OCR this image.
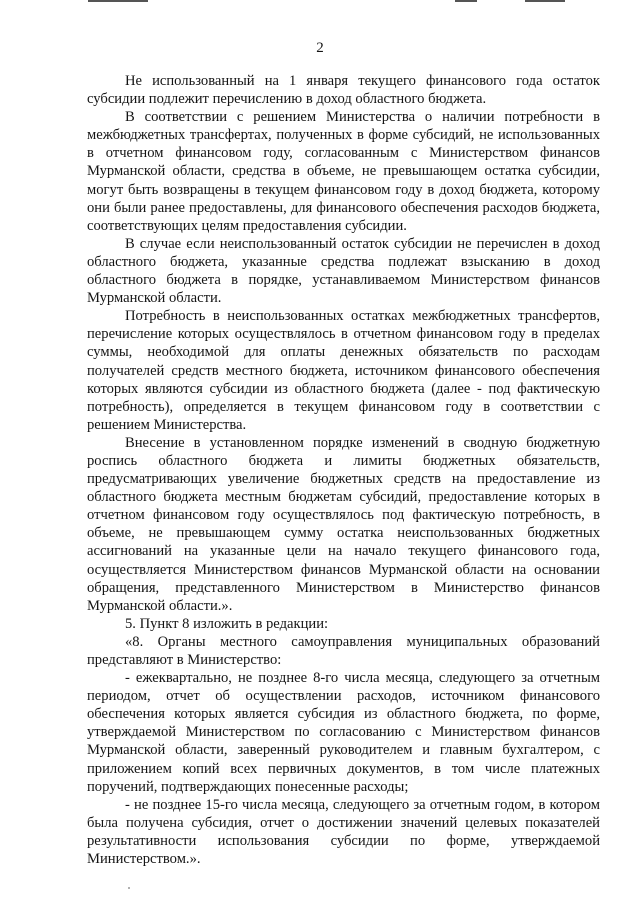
2

Не использованный на 1 января текущего финансового года остаток субсидии подлежит перечислению в доход областного бюджета.

В соответствии с решением Министерства о наличии потребности в межбюджетных трансфертах, полученных в форме субсидий, не использованных в отчетном финансовом году, согласованным с Министерством финансов Мурманской области, средства в объеме, не превышающем остатка субсидии, могут быть возвращены в текущем финансовом году в доход бюджета, которому они были ранее предоставлены, для финансового обеспечения расходов бюджета, соответствующих целям предоставления субсидии.

В случае если неиспользованный остаток субсидии не перечислен в доход областного бюджета, указанные средства подлежат взысканию в доход областного бюджета в порядке, устанавливаемом Министерством финансов Мурманской области.

Потребность в неиспользованных остатках межбюджетных трансфертов, перечисление которых осуществлялось в отчетном финансовом году в пределах суммы, необходимой для оплаты денежных обязательств по расходам получателей средств местного бюджета, источником финансового обеспечения которых являются субсидии из областного бюджета (далее - под фактическую потребность), определяется в текущем финансовом году в соответствии с решением Министерства.

Внесение в установленном порядке изменений в сводную бюджетную роспись областного бюджета и лимиты бюджетных обязательств, предусматривающих увеличение бюджетных средств на предоставление из областного бюджета местным бюджетам субсидий, предоставление которых в отчетном финансовом году осуществлялось под фактическую потребность, в объеме, не превышающем сумму остатка неиспользованных бюджетных ассигнований на указанные цели на начало текущего финансового года, осуществляется Министерством финансов Мурманской области на основании обращения, представленного Министерством в Министерство финансов Мурманской области.».

5. Пункт 8 изложить в редакции:

«8. Органы местного самоуправления муниципальных образований представляют в Министерство:

- ежеквартально, не позднее 8-го числа месяца, следующего за отчетным периодом, отчет об осуществлении расходов, источником финансового обеспечения которых является субсидия из областного бюджета, по форме, утверждаемой Министерством по согласованию с Министерством финансов Мурманской области, заверенный руководителем и главным бухгалтером, с приложением копий всех первичных документов, в том числе платежных поручений, подтверждающих понесенные расходы;

- не позднее 15-го числа месяца, следующего за отчетным годом, в котором была получена субсидия, отчет о достижении значений целевых показателей результативности использования субсидии по форме, утверждаемой Министерством.».
